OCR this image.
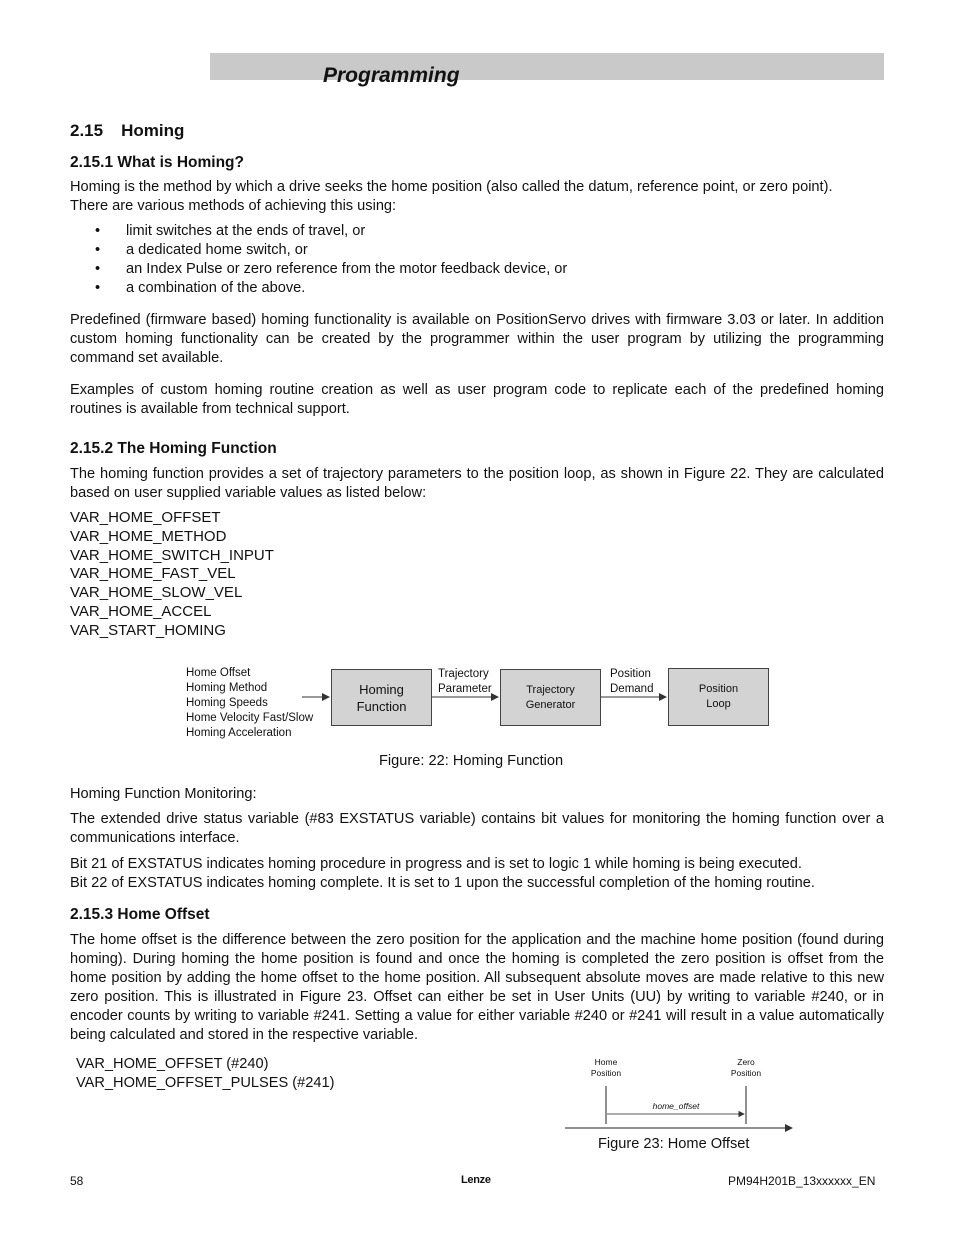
Programming
2.15 Homing
2.15.1 What is Homing?
Homing is the method by which a drive seeks the home position (also called the datum, reference point, or zero point).
There are various methods of achieving this using:
•	limit switches at the ends of travel, or
•	a dedicated home switch, or
•	an Index Pulse or zero reference from the motor feedback device, or
•	a combination of the above.
Predefined (firmware based) homing functionality is available on PositionServo drives with firmware 3.03 or later. In addition custom homing functionality can be created by the programmer within the user program by utilizing the programming command set available.
Examples of custom homing routine creation as well as user program code to replicate each of the predefined homing routines is available from technical support.
2.15.2 The Homing Function
The homing function provides a set of trajectory parameters to the position loop, as shown in Figure 22. They are calculated based on user supplied variable values as listed below:
VAR_HOME_OFFSET
VAR_HOME_METHOD
VAR_HOME_SWITCH_INPUT
VAR_HOME_FAST_VEL
VAR_HOME_SLOW_VEL
VAR_HOME_ACCEL
VAR_START_HOMING
Home Offset
Homing Method
Homing Speeds
Home Velocity Fast/Slow
Homing Acceleration
Homing
Function
Trajectory
Parameter	Trajectory
Generator
Position
Demand	Position
Loop
Figure: 22: Homing Function
Homing Function Monitoring:
The extended drive status variable (#83 EXSTATUS variable) contains bit values for monitoring the homing function over a communications interface.
Bit 21 of EXSTATUS indicates homing procedure in progress and is set to logic 1 while homing is being executed.
Bit 22 of EXSTATUS indicates homing complete. It is set to 1 upon the successful completion of the homing routine.
2.15.3 Home Offset
The home offset is the difference between the zero position for the application and the machine home position (found during homing). During homing the home position is found and once the homing is completed the zero position is offset from the home position by adding the home offset to the home position. All subsequent absolute moves are made relative to this new zero position. This is illustrated in Figure 23. Offset can either be set in User Units (UU) by writing to variable #240, or in encoder counts by writing to variable #241. Setting a value for either variable #240 or #241 will result in a value automatically being calculated and stored in the respective variable.
VAR_HOME_OFFSET (#240)
VAR_HOME_OFFSET_PULSES (#241)
Home
Position
Zero
Position
home_offset
Figure 23: Home Offset
58	Lenze	PM94H201B_13xxxxxx_EN
